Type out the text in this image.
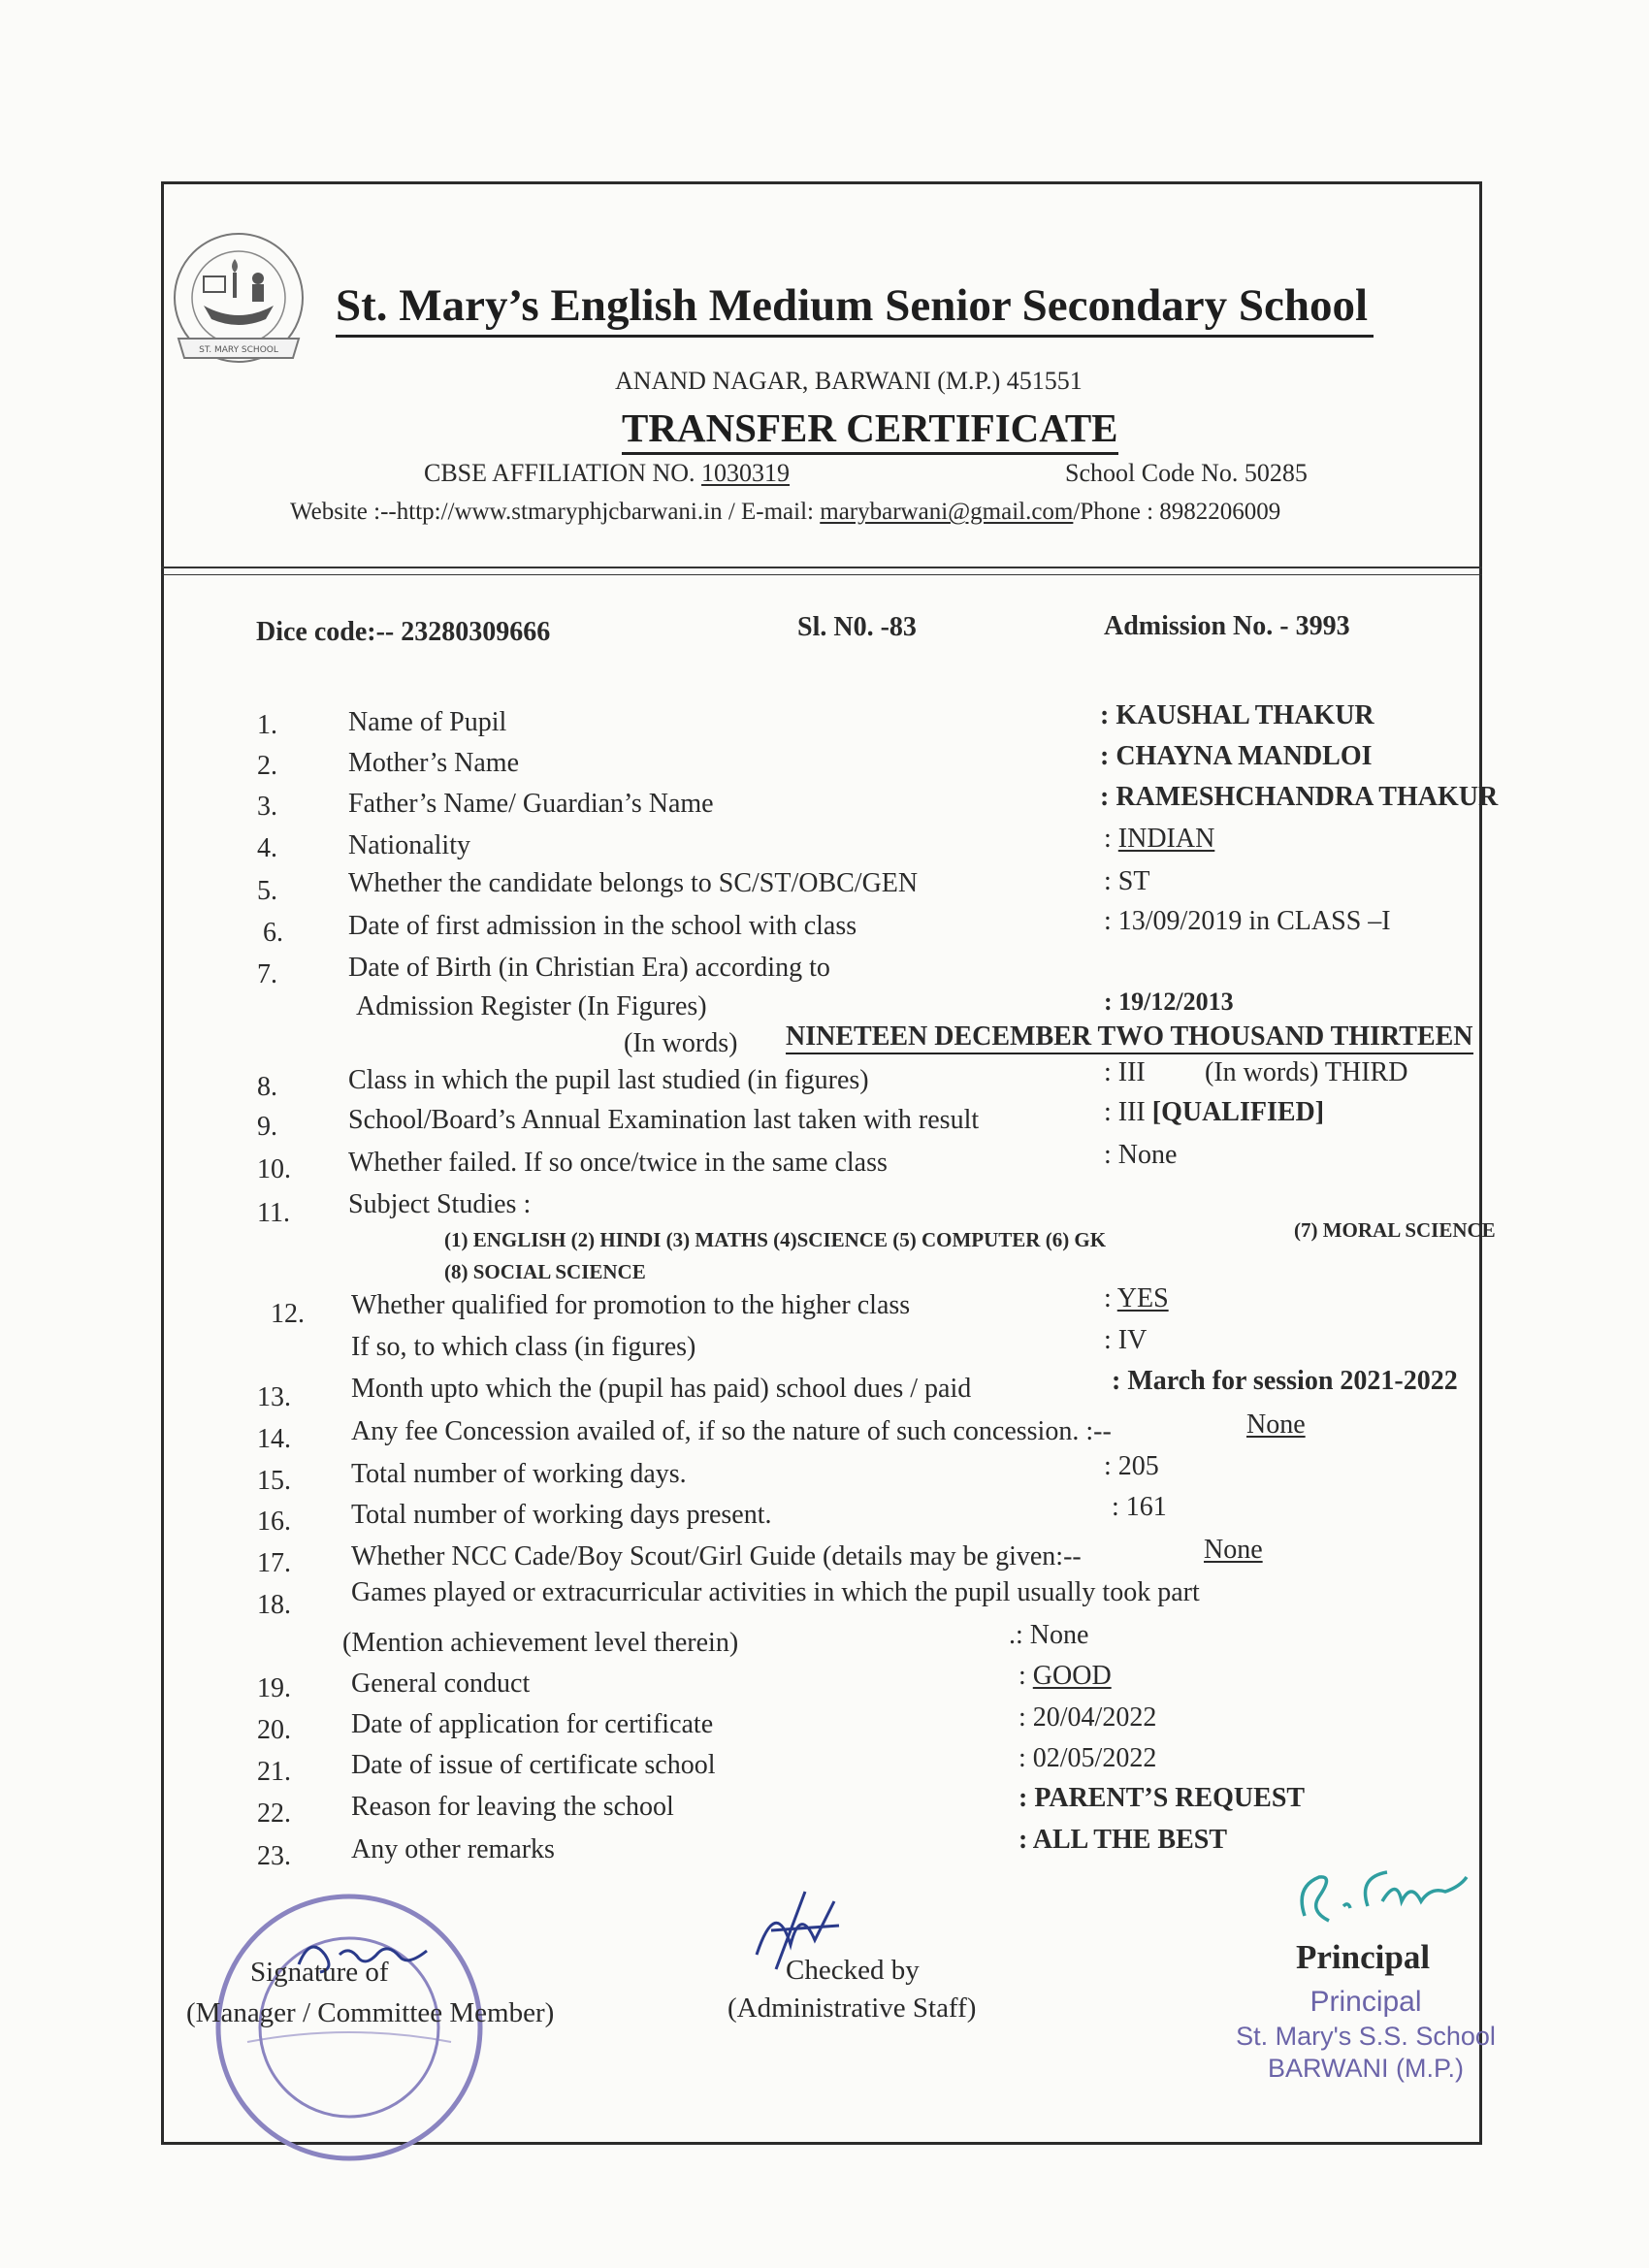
ST. MARY SCHOOL
St. Mary’s English Medium Senior Secondary School
ANAND NAGAR, BARWANI (M.P.) 451551
TRANSFER CERTIFICATE
CBSE AFFILIATION NO. 1030319	School Code No. 50285
Website :--http://www.stmaryphjcbarwani.in / E-mail: marybarwani@gmail.com/Phone : 8982206009
Dice code:-- 23280309666	Sl. N0. -83	Admission No. - 3993
1.	Name of Pupil	: KAUSHAL THAKUR
2.	Mother’s Name	: CHAYNA MANDLOI
3.	Father’s Name/ Guardian’s Name	: RAMESHCHANDRA THAKUR
4.	Nationality	: INDIAN
5.	Whether the candidate belongs to SC/ST/OBC/GEN	: ST
6.	Date of first admission in the school with class	: 13/09/2019 in CLASS –I
7.	Date of Birth (in Christian Era) according to
Admission Register (In Figures)	: 19/12/2013
(In words) NINETEEN DECEMBER TWO THOUSAND THIRTEEN
8.	Class in which the pupil last studied (in figures)	: III (In words) THIRD
9.	School/Board’s Annual Examination last taken with result	: III [QUALIFIED]
10.	Whether failed. If so once/twice in the same class	: None
11.	Subject Studies :
(1) ENGLISH (2) HINDI (3) MATHS (4)SCIENCE (5) COMPUTER (6) GK	(7) MORAL SCIENCE
(8) SOCIAL SCIENCE
12.	Whether qualified for promotion to the higher class	: YES
If so, to which class (in figures)	: IV
13.	Month upto which the (pupil has paid) school dues / paid	: March for session 2021-2022
14.	Any fee Concession availed of, if so the nature of such concession. :--	None
15.	Total number of working days.	: 205
16.	Total number of working days present.	: 161
17.	Whether NCC Cade/Boy Scout/Girl Guide (details may be given:--	None
18.	Games played or extracurricular activities in which the pupil usually took part
(Mention achievement level therein)	.: None
19.	General conduct	: GOOD
20.	Date of application for certificate	: 20/04/2022
21.	Date of issue of certificate school	: 02/05/2022
22.	Reason for leaving the school	: PARENT’S REQUEST
23.	Any other remarks	: ALL THE BEST
Signature of
(Manager / Committee Member)
Checked by
(Administrative Staff)
Principal
Principal
St. Mary's S.S. School
BARWANI (M.P.)
